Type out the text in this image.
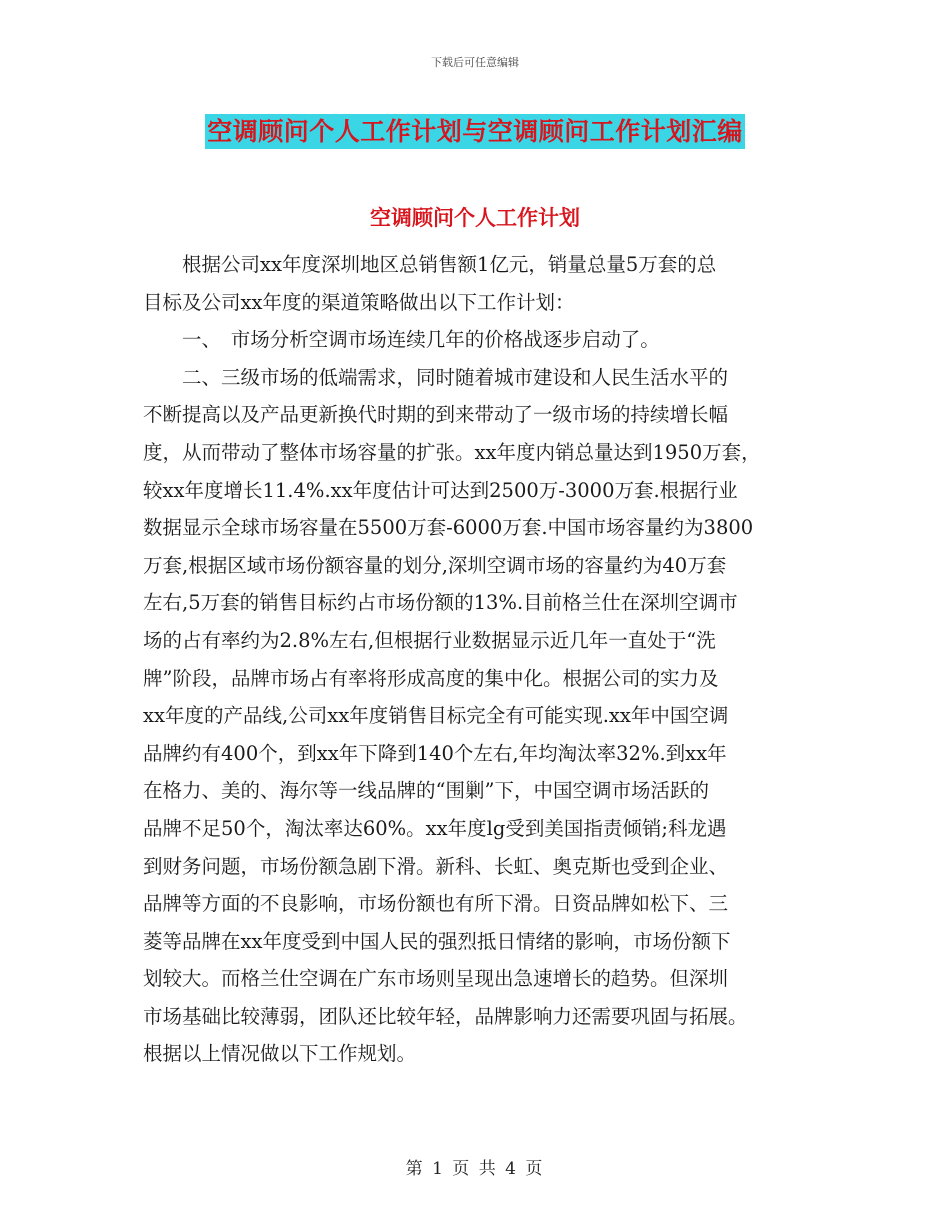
下载后可任意编辑
空调顾问个人工作计划与空调顾问工作计划汇编
空调顾问个人工作计划
　　根据公司xx年度深圳地区总销售额1亿元，销量总量5万套的总
目标及公司xx年度的渠道策略做出以下工作计划：
　　一、　市场分析空调市场连续几年的价格战逐步启动了。
　　二、三级市场的低端需求，同时随着城市建设和人民生活水平的
不断提高以及产品更新换代时期的到来带动了一级市场的持续增长幅
度，从而带动了整体市场容量的扩张。xx年度内销总量达到1950万套，
较xx年度增长11.4%.xx年度估计可达到2500万-3000万套.根据行业
数据显示全球市场容量在5500万套-6000万套.中国市场容量约为3800
万套,根据区域市场份额容量的划分,深圳空调市场的容量约为40万套
左右,5万套的销售目标约占市场份额的13%.目前格兰仕在深圳空调市
场的占有率约为2.8%左右,但根据行业数据显示近几年一直处于“洗
牌”阶段，品牌市场占有率将形成高度的集中化。根据公司的实力及
xx年度的产品线,公司xx年度销售目标完全有可能实现.xx年中国空调
品牌约有400个，到xx年下降到140个左右,年均淘汰率32%.到xx年
在格力、美的、海尔等一线品牌的“围剿”下，中国空调市场活跃的
品牌不足50个，淘汰率达60%。xx年度lg受到美国指责倾销;科龙遇
到财务问题，市场份额急剧下滑。新科、长虹、奥克斯也受到企业、
品牌等方面的不良影响，市场份额也有所下滑。日资品牌如松下、三
菱等品牌在xx年度受到中国人民的强烈抵日情绪的影响，市场份额下
划较大。而格兰仕空调在广东市场则呈现出急速增长的趋势。但深圳
市场基础比较薄弱，团队还比较年轻，品牌影响力还需要巩固与拓展。
根据以上情况做以下工作规划。
第 1 页 共 4 页
